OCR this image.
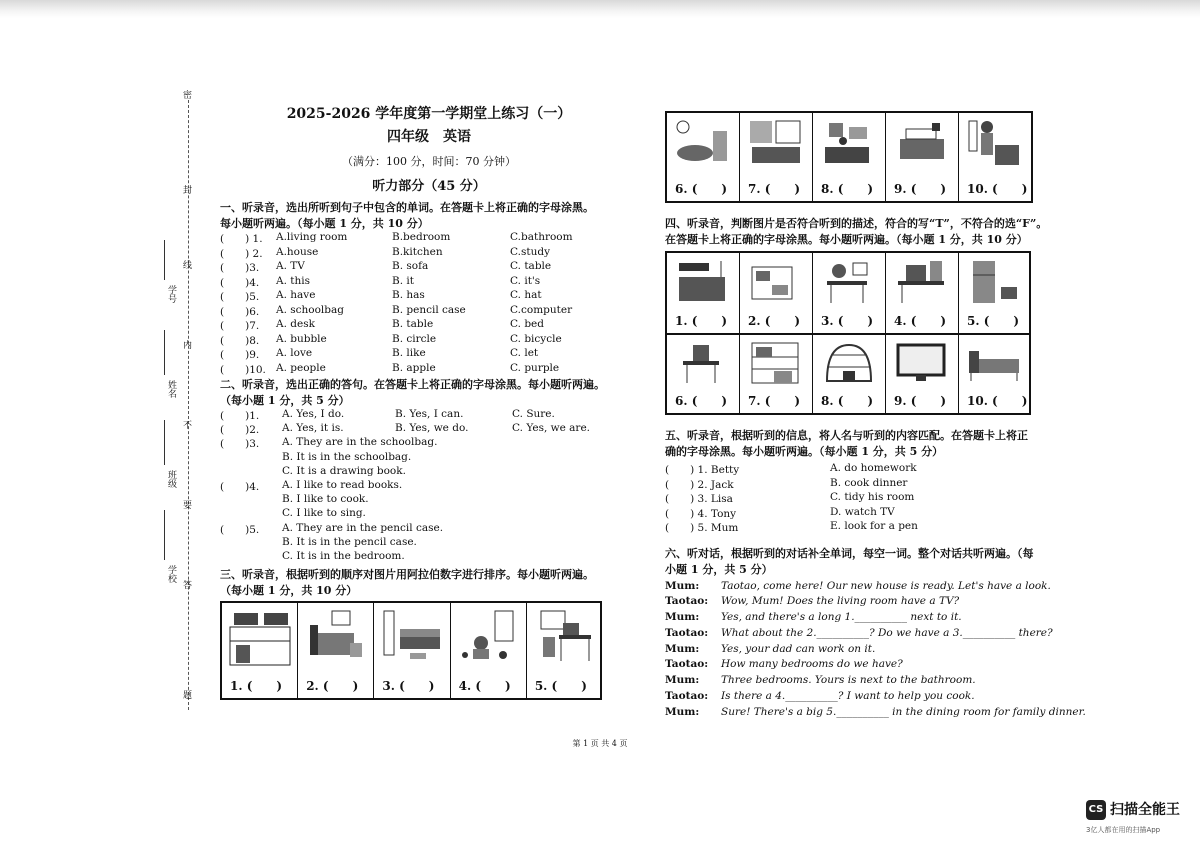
密
封
线
内
不
要
答
题
学号
姓名
班级
学校
2025-2026 学年度第一学期堂上练习（一）
四年级　英语
（满分：100 分，时间：70 分钟）
听力部分（45 分）
一、听录音，选出所听到句子中包含的单词。在答题卡上将正确的字母涂黑。
每小题听两遍。（每小题 1 分，共 10 分）
(　　) 1. A.living room	B.bedroom	C.bathroom
(　　) 2. A.house	B.kitchen	C.study
(　　)3. A. TV	B. sofa	C. table
(　　)4. A. this	B. it	C. it's
(　　)5. A. have	B. has	C. hat
(　　)6. A. schoolbag	B. pencil case	C.computer
(　　)7. A. desk	B. table	C. bed
(　　)8. A. bubble	B. circle	C. bicycle
(　　)9. A. love	B. like	C. let
(　　)10. A. people	B. apple	C. purple
二、听录音，选出正确的答句。在答题卡上将正确的字母涂黑。每小题听两遍。
（每小题 1 分，共 5 分）
(　　)1. A. Yes, I do.	B. Yes, I can.	C. Sure.
(　　)2. A. Yes, it is.	B. Yes, we do.	C. Yes, we are.
(　　)3. A. They are in the schoolbag.
B. It is in the schoolbag.
C. It is a drawing book.
(　　)4. A. I like to read books.
B. I like to cook.
C. I like to sing.
(　　)5. A. They are in the pencil case.
B. It is in the pencil case.
C. It is in the bedroom.
三、听录音，根据听到的顺序对图片用阿拉伯数字进行排序。每小题听两遍。
（每小题 1 分，共 10 分）
1. (　　) 2. (　　) 3. (　　) 4. (　　) 5. (　　)
6. (　　) 7. (　　) 8. (　　) 9. (　　) 10. (　　)
四、听录音，判断图片是否符合听到的描述，符合的写“T”，不符合的选“F”。
在答题卡上将正确的字母涂黑。每小题听两遍。（每小题 1 分，共 10 分）
1. (　　) 2. (　　) 3. (　　) 4. (　　) 5. (　　)
6. (　　) 7. (　　) 8. (　　) 9. (　　) 10. (　　)
五、听录音，根据听到的信息，将人名与听到的内容匹配。在答题卡上将正
确的字母涂黑。每小题听两遍。（每小题 1 分，共 5 分）
(　　) 1. Betty	A. do homework
(　　) 2. Jack	B. cook dinner
(　　) 3. Lisa	C. tidy his room
(　　) 4. Tony	D. watch TV
(　　) 5. Mum	E. look for a pen
六、听对话，根据听到的对话补全单词，每空一词。整个对话共听两遍。（每
小题 1 分，共 5 分）
Mum: Taotao, come here! Our new house is ready. Let's have a look.
Taotao: Wow, Mum! Does the living room have a TV?
Mum: Yes, and there's a long 1.__________ next to it.
Taotao: What about the 2.__________? Do we have a 3.__________ there?
Mum: Yes, your dad can work on it.
Taotao: How many bedrooms do we have?
Mum: Three bedrooms. Yours is next to the bathroom.
Taotao: Is there a 4.__________? I want to help you cook.
Mum: Sure! There's a big 5.__________ in the dining room for family dinner.
第 1 页 共 4 页
CS 扫描全能王
3亿人都在用的扫描App
